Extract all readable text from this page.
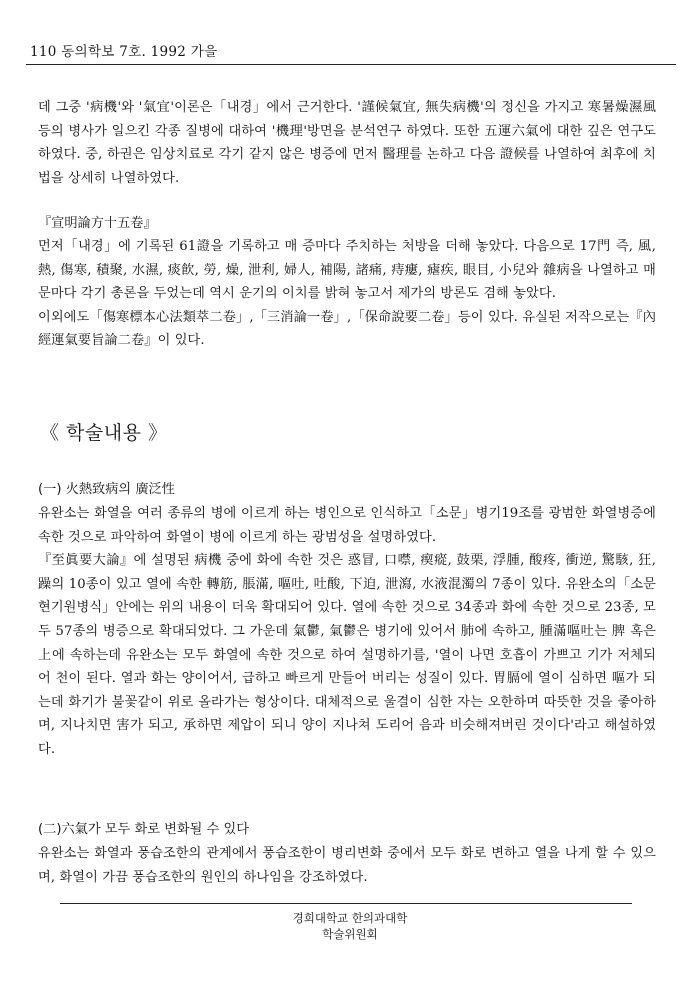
110 동의학보 7호. 1992 가을

데 그중 '病機'와 '氣宜'이론은「내경」에서 근거한다. '謹候氣宜, 無失病機'의 정신을 가지고 寒暑燥濕風 등의 병사가 일으킨 각종 질병에 대하여 '機理'방면을 분석연구 하였다. 또한 五運六氣에 대한 깊은 연구도 하였다. 중, 하권은 임상치료로 각기 같지 않은 병증에 먼저 醫理를 논하고 다음 證候를 나열하여 최후에 치법을 상세히 나열하였다.

『宣明論方十五卷』

먼저「내경」에 기록된 61證을 기록하고 매 증마다 주치하는 처방을 더해 놓았다. 다음으로 17門 즉, 風, 熱, 傷寒, 積聚, 水濕, 痰飮, 勞, 燥, 泄利, 婦人, 補陽, 諸痛, 痔瘻, 瘧疾, 眼目, 小兒와 雜病을 나열하고 매 문마다 각기 총론을 두었는데 역시 운기의 이치를 밝혀 놓고서 제가의 방론도 겸해 놓았다.

이외에도「傷寒標本心法類萃二卷」,「三消論一卷」,「保命說要二卷」등이 있다. 유실된 저작으로는『內經運氣要旨論二卷』이 있다.

《 학술내용 》

(一) 火熱致病의 廣泛性

유완소는 화열을 여러 종류의 병에 이르게 하는 병인으로 인식하고「소문」병기19조를 광범한 화열병증에 속한 것으로 파악하여 화열이 병에 이르게 하는 광범성을 설명하였다.

『至眞要大論』에 설명된 病機 중에 화에 속한 것은 惑冒, 口噤, 瘈瘲, 鼓栗, 浮腫, 酸疼, 衝逆, 驚駭, 狂, 躁의 10종이 있고 열에 속한 轉筋, 脹滿, 嘔吐, 吐酸, 下迫, 泄瀉, 水液混濁의 7종이 있다. 유완소의「소문현기원병식」안에는 위의 내용이 더욱 확대되어 있다. 열에 속한 것으로 34종과 화에 속한 것으로 23종, 모두 57종의 병증으로 확대되었다. 그 가운데 氣鬱, 氣鬱은 병기에 있어서 肺에 속하고, 腫滿嘔吐는 脾 혹은 上에 속하는데 유완소는 모두 화열에 속한 것으로 하여 설명하기를, '열이 나면 호흡이 가쁘고 기가 저체되어 천이 된다. 열과 화는 양이어서, 급하고 빠르게 만들어 버리는 성질이 있다. 胃膈에 열이 심하면 嘔가 되는데 화기가 불꽃같이 위로 올라가는 형상이다. 대체적으로 울결이 심한 자는 오한하며 따뜻한 것을 좋아하며, 지나치면 害가 되고, 承하면 제압이 되니 양이 지나쳐 도리어 음과 비슷해져버린 것이다'라고 해설하였다.

(二)六氣가 모두 화로 변화될 수 있다

유완소는 화열과 풍습조한의 관계에서 풍습조한이 병리변화 중에서 모두 화로 변하고 열을 나게 할 수 있으며, 화열이 가끔 풍습조한의 원인의 하나임을 강조하였다.

경희대학교 한의과대학
학술위원회
